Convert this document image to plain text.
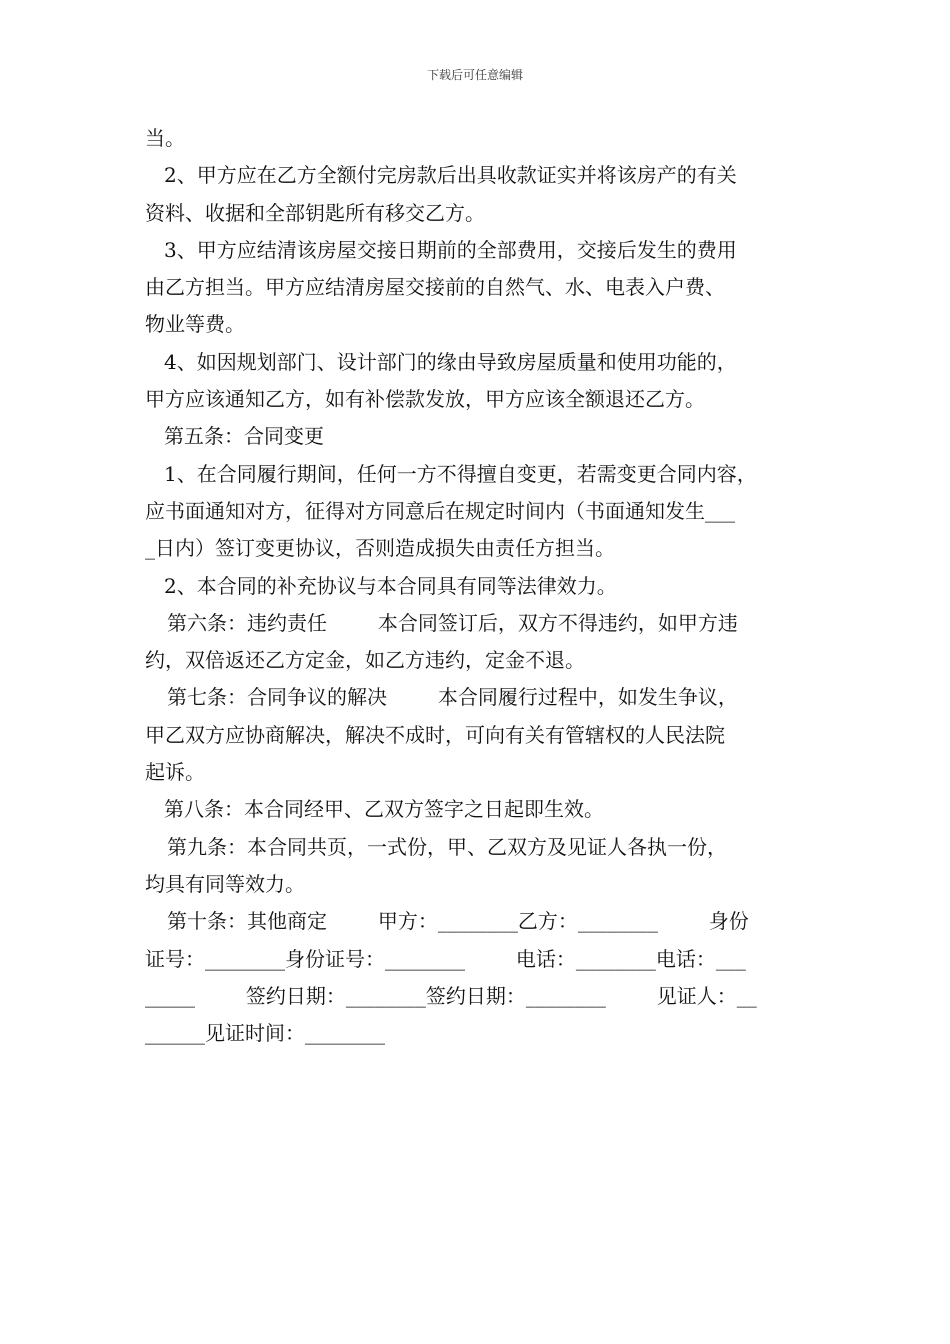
下载后可任意编辑
当。
2、甲方应在乙方全额付完房款后出具收款证实并将该房产的有关
资料、收据和全部钥匙所有移交乙方。
3、甲方应结清该房屋交接日期前的全部费用，交接后发生的费用
由乙方担当。甲方应结清房屋交接前的自然气、水、电表入户费、
物业等费。
4、如因规划部门、设计部门的缘由导致房屋质量和使用功能的，
甲方应该通知乙方，如有补偿款发放，甲方应该全额退还乙方。
第五条：合同变更
1、在合同履行期间，任何一方不得擅自变更，若需变更合同内容，
应书面通知对方，征得对方同意后在规定时间内（书面通知发生___
_日内）签订变更协议，否则造成损失由责任方担当。
2、本合同的补充协议与本合同具有同等法律效力。
第六条：违约责任        本合同签订后，双方不得违约，如甲方违
约，双倍返还乙方定金，如乙方违约，定金不退。
第七条：合同争议的解决        本合同履行过程中，如发生争议，
甲乙双方应协商解决，解决不成时，可向有关有管辖权的人民法院
起诉。
第八条：本合同经甲、乙双方签字之日起即生效。
第九条：本合同共页，一式份，甲、乙双方及见证人各执一份，
均具有同等效力。
第十条：其他商定        甲方：________乙方：________        身份
证号：________身份证号：________        电话：________电话：___
_____        签约日期：________签约日期：________        见证人：__
______见证时间：________
